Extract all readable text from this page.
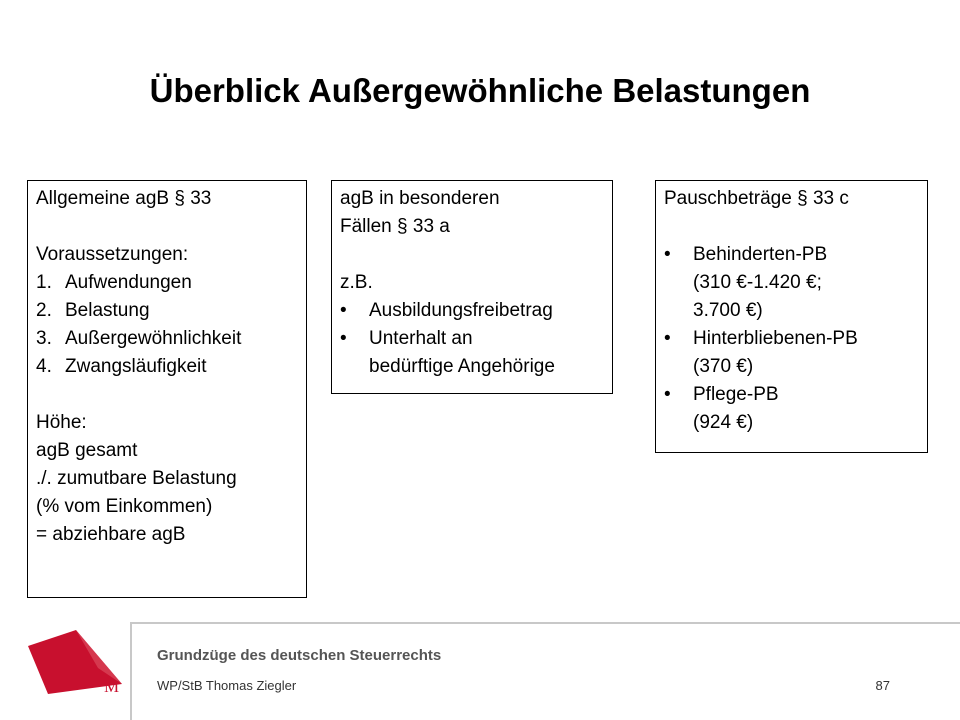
Überblick Außergewöhnliche Belastungen
Allgemeine agB § 33
Voraussetzungen:
1. Aufwendungen
2. Belastung
3. Außergewöhnlichkeit
4. Zwangsläufigkeit
Höhe:
agB gesamt
./. zumutbare Belastung
(% vom Einkommen)
= abziehbare agB
agB in besonderen
Fällen § 33 a
z.B.
•	Ausbildungsfreibetrag
•	Unterhalt an
bedürftige Angehörige
Pauschbeträge § 33 c
•	Behinderten-PB
(310 €-1.420 €;
3.700 €)
•	Hinterbliebenen-PB
(370 €)
•	Pflege-PB
(924 €)
M
Grundzüge des deutschen Steuerrechts
WP/StB Thomas Ziegler	87
